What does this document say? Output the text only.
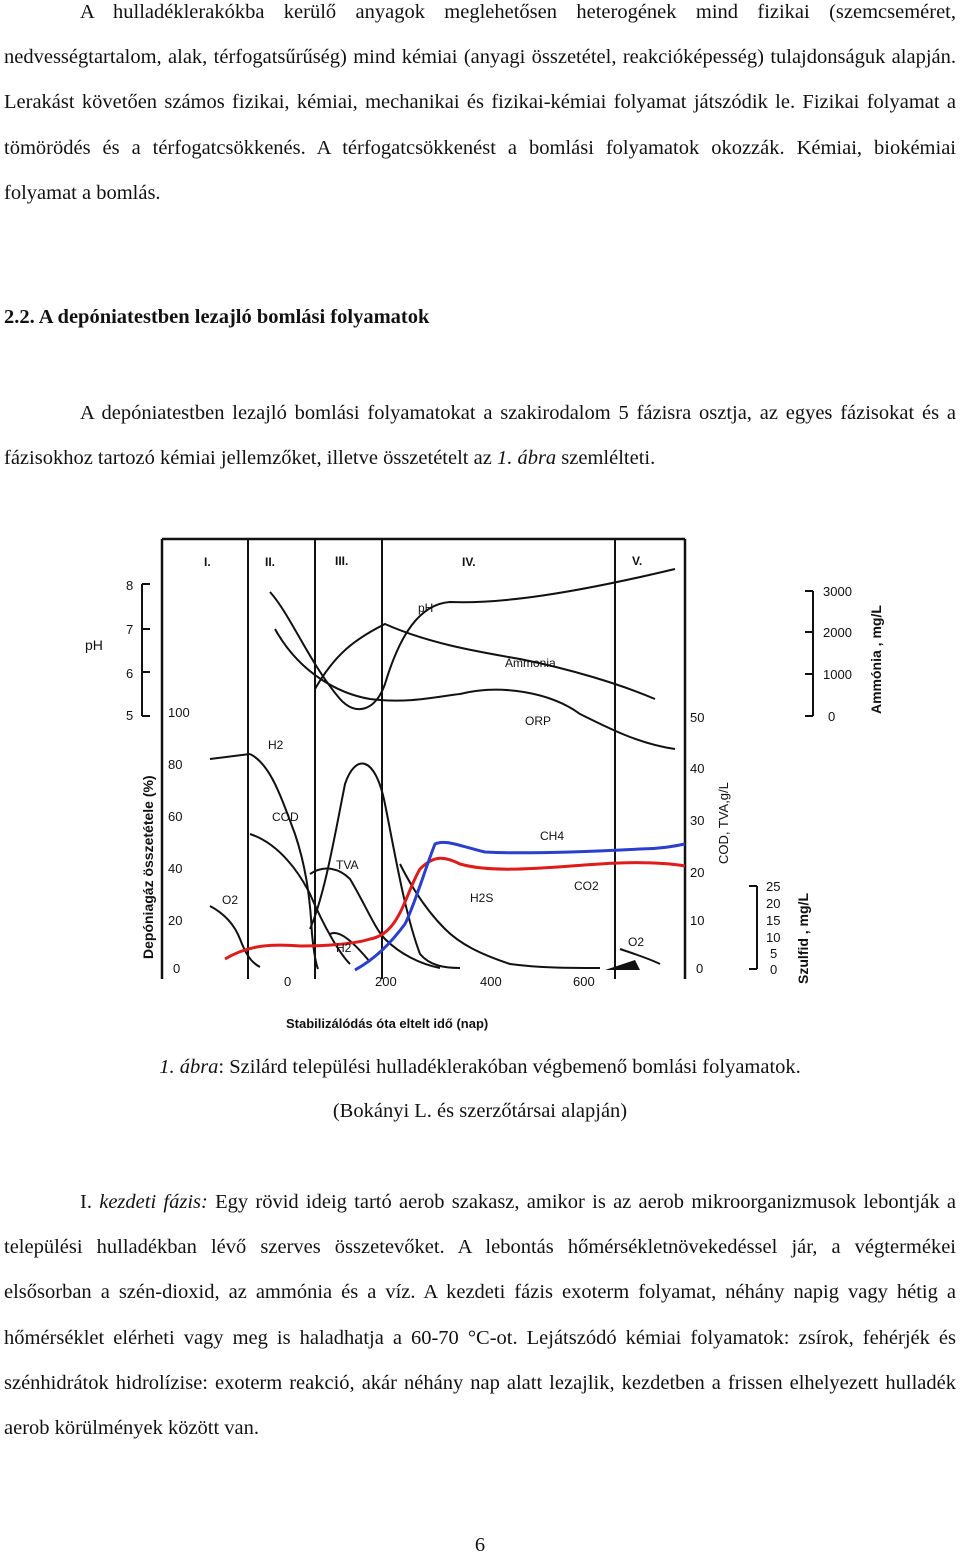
A hulladéklerakókba kerülő anyagok meglehetősen heterogének mind fizikai (szemcseméret, nedvességtartalom, alak, térfogatsűrűség) mind kémiai (anyagi összetétel, reakcióképesség) tulajdonságuk alapján. Lerakást követően számos fizikai, kémiai, mechanikai és fizikai-kémiai folyamat játszódik le. Fizikai folyamat a tömörödés és a térfogatcsökkenés. A térfogatcsökkenést a bomlási folyamatok okozzák. Kémiai, biokémiai folyamat a bomlás.

2.2. A depóniatestben lezajló bomlási folyamatok

A depóniatestben lezajló bomlási folyamatokat a szakirodalom 5 fázisra osztja, az egyes fázisokat és a fázisokhoz tartozó kémiai jellemzőket, illetve összetételt az 1. ábra szemlélteti.

I.	II.	III.	IV.	V.
8
7
6
5
pH
100
80
60
40
20
0
Depóniagáz összetétele (%)
50
40
30
20
10
0
COD, TVA,g/L
3000
2000
1000
0
Ammónia , mg/L
25
20
15
10
5
0 Szulfid , mg/L
0	200	400	600
Stabilizálódás óta eltelt idő (nap)
pH
Ammonia
ORP
H2
COD
TVA
CH4
CO2
H2S
O2
O2
H2

1. ábra: Szilárd települési hulladéklerakóban végbemenő bomlási folyamatok.

(Bokányi L. és szerzőtársai alapján)

I. kezdeti fázis: Egy rövid ideig tartó aerob szakasz, amikor is az aerob mikroorganizmusok lebontják a települési hulladékban lévő szerves összetevőket. A lebontás hőmérsékletnövekedéssel jár, a végtermékei elsősorban a szén-dioxid, az ammónia és a víz. A kezdeti fázis exoterm folyamat, néhány napig vagy hétig a hőmérséklet elérheti vagy meg is haladhatja a 60-70 °C-ot. Lejátszódó kémiai folyamatok: zsírok, fehérjék és szénhidrátok hidrolízise: exoterm reakció, akár néhány nap alatt lezajlik, kezdetben a frissen elhelyezett hulladék aerob körülmények között van.

6
